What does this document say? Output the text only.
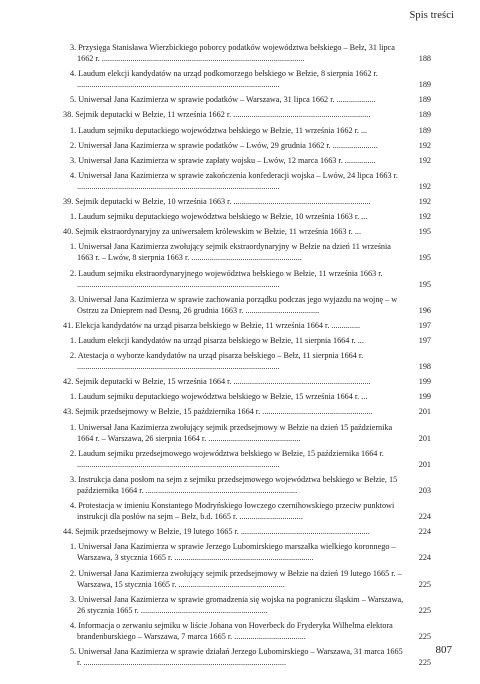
Spis treści
3. Przysięga Stanisława Wierzbickiego poborcy podatków województwa bełskiego – Bełz, 31 lipca 1662 r. ...................................................................................................	188
4. Laudum elekcji kandydatów na urząd podkomorzego bełskiego w Bełzie, 8 sierpnia 1662 r. ...................................................................................................	189
5. Uniwersał Jana Kazimierza w sprawie podatków – Warszawa, 31 lipca 1662 r. ...................	189
38. Sejmik deputacki w Bełzie, 11 września 1662 r. ...................................................................	189
1. Laudum sejmiku deputackiego województwa bełskiego w Bełzie, 11 września 1662 r. ...	189
2. Uniwersał Jana Kazimierza w sprawie podatków – Lwów, 29 grudnia 1662 r. ......................	192
3. Uniwersał Jana Kazimierza w sprawie zapłaty wojsku – Lwów, 12 marca 1663 r. ...............	192
4. Uniwersał Jana Kazimierza w sprawie zakończenia konfederacji wojska – Lwów, 24 lipca 1663 r. ...................................................................................................	192
39. Sejmik deputacki w Bełzie, 10 września 1663 r. ...................................................................	192
1. Laudum sejmiku deputackiego województwa bełskiego w Bełzie, 10 września 1663 r. ...	192
40. Sejmik ekstraordynaryjny za uniwersałem królewskim w Bełzie, 11 września 1663 r. ...	195
1. Uniwersał Jana Kazimierza zwołujący sejmik ekstraordynaryjny w Bełzie na dzień 11 września 1663 r. – Lwów, 8 sierpnia 1663 r. ......................................................	195
2. Laudum sejmiku ekstraordynaryjnego województwa bełskiego w Bełzie, 11 września 1663 r. ...................................................................................................	195
3. Uniwersał Jana Kazimierza w sprawie zachowania porządku podczas jego wyjazdu na wojnę – w Ostrzu za Dnieprem nad Desną, 26 grudnia 1663 r. ....................................	196
41. Elekcja kandydatów na urząd pisarza bełskiego w Bełzie, 11 września 1664 r. ..............	197
1. Laudum elekcji kandydatów na urząd pisarza bełskiego w Bełzie, 11 sierpnia 1664 r. ...	197
2. Atestacja o wyborze kandydatów na urząd pisarza bełskiego – Bełz, 11 sierpnia 1664 r. ...................................................................................................	198
42. Sejmik deputacki w Bełzie, 15 września 1664 r. ...................................................................	199
1. Laudum sejmiku deputackiego województwa bełskiego w Bełzie, 15 września 1664 r. ...	199
43. Sejmik przedsejmowy w Bełzie, 15 października 1664 r. ......................................................	201
1. Uniwersał Jana Kazimierza zwołujący sejmik przedsejmowy w Bełzie na dzień 15 października 1664 r. – Warszawa, 26 sierpnia 1664 r. .............................................	201
2. Laudum sejmiku przedsejmowego województwa bełskiego w Bełzie, 15 października 1664 r. ...................................................................................................	201
3. Instrukcja dana posłom na sejm z sejmiku przedsejmowego województwa bełskiego w Bełzie, 15 października 1664 r. ..........................................................................	203
4. Protestacja w imieniu Konstantego Modryńskiego łowczego czernihowskiego przeciw punktowi instrukcji dla posłów na sejm – Bełz, b.d. 1665 r. ...............................	224
44. Sejmik przedsejmowy w Bełzie, 19 lutego 1665 r. ...............................................................	224
1. Uniwersał Jana Kazimierza w sprawie Jerzego Lubomirskiego marszałka wielkiego koronnego – Warszawa, 3 stycznia 1665 r. ....................................................................	224
2. Uniwersał Jana Kazimierza zwołujący sejmik przedsejmowy w Bełzie na dzień 19 lutego 1665 r. – Warszawa, 15 stycznia 1665 r. ....................................................	225
3. Uniwersał Jana Kazimierza w sprawie gromadzenia się wojska na pograniczu śląskim – Warszawa, 26 stycznia 1665 r. ..............................................................	225
4. Informacja o zerwaniu sejmiku w liście Johana von Hoverbeck do Fryderyka Wilhelma elektora brandenburskiego – Warszawa, 7 marca 1665 r. ...................................	225
5. Uniwersał Jana Kazimierza w sprawie działań Jerzego Lubomirskiego – Warszawa, 31 marca 1665 r. ...................................................................................................	225
807
